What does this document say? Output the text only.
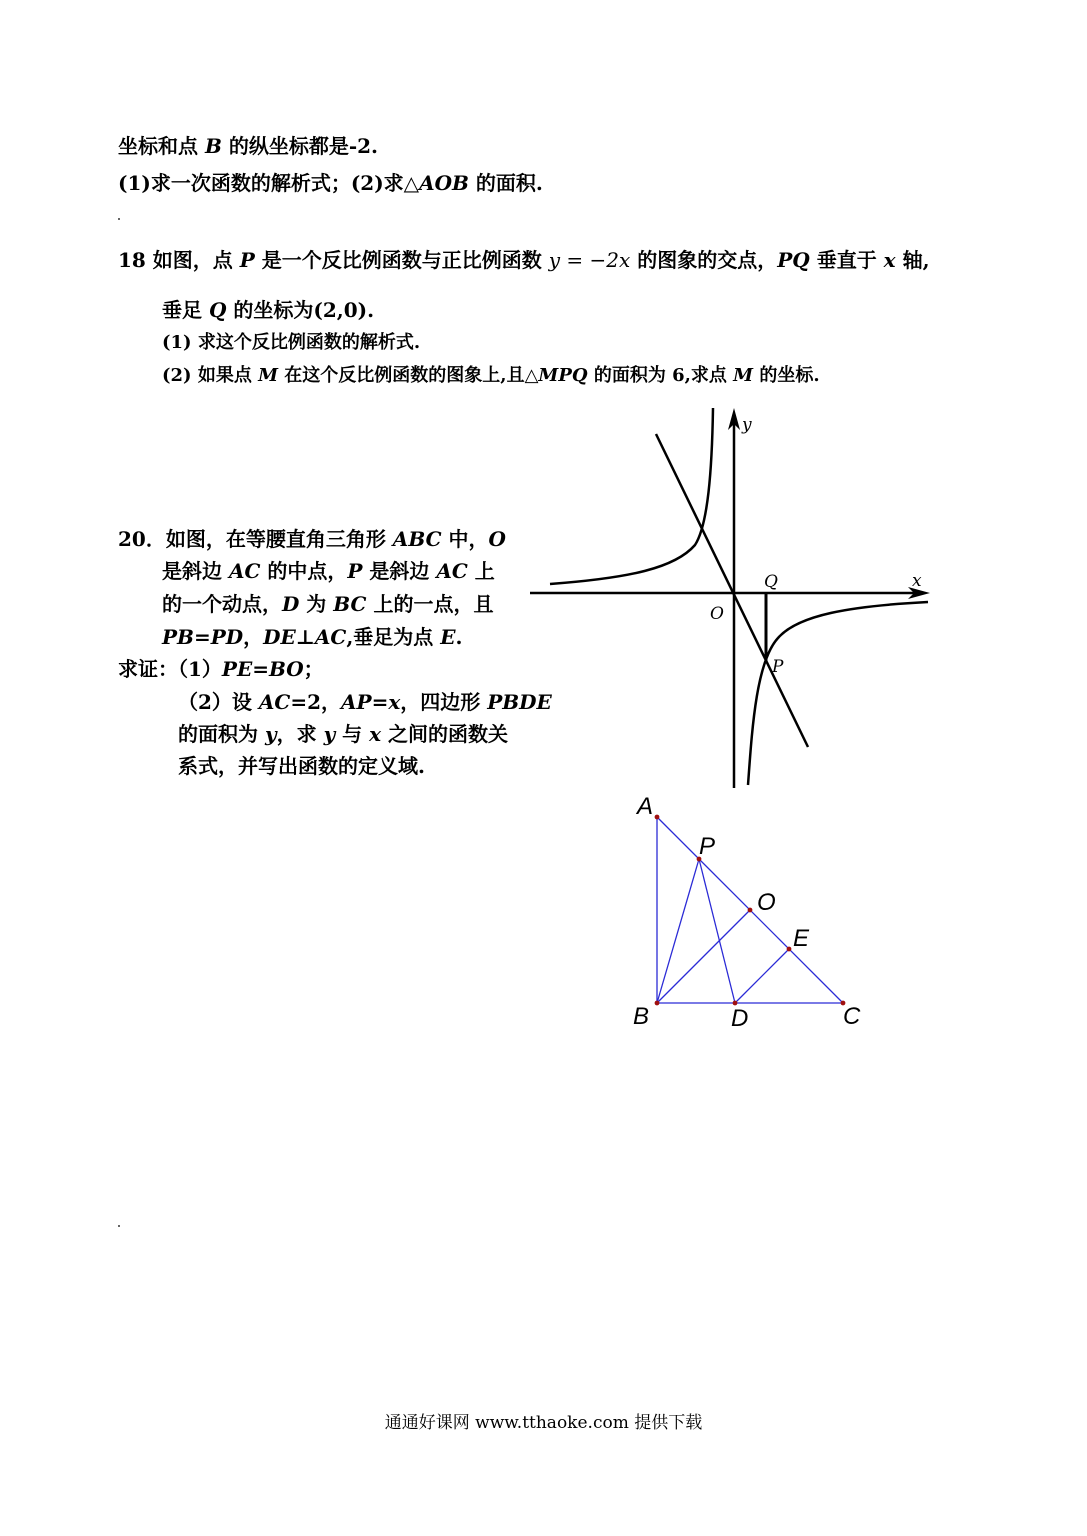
坐标和点 B 的纵坐标都是-2.
(1)求一次函数的解析式；(2)求△AOB 的面积.
18 如图，点 P 是一个反比例函数与正比例函数 y = −2x 的图象的交点，PQ 垂直于 x 轴,
垂足 Q 的坐标为(2,0).
(1) 求这个反比例函数的解析式.
(2) 如果点 M 在这个反比例函数的图象上,且△MPQ 的面积为 6,求点 M 的坐标.
20．如图，在等腰直角三角形 ABC 中，O
是斜边 AC 的中点，P 是斜边 AC 上
的一个动点，D 为 BC 上的一点，且
PB=PD，DE⊥AC,垂足为点 E.
求证：（1）PE=BO；
（2）设 AC=2，AP=x，四边形 PBDE
的面积为 y，求 y 与 x 之间的函数关
系式，并写出函数的定义域.
y
x
O
Q
P
A
P
O
E
B	D	C
通通好课网 www.tthaoke.com 提供下载
